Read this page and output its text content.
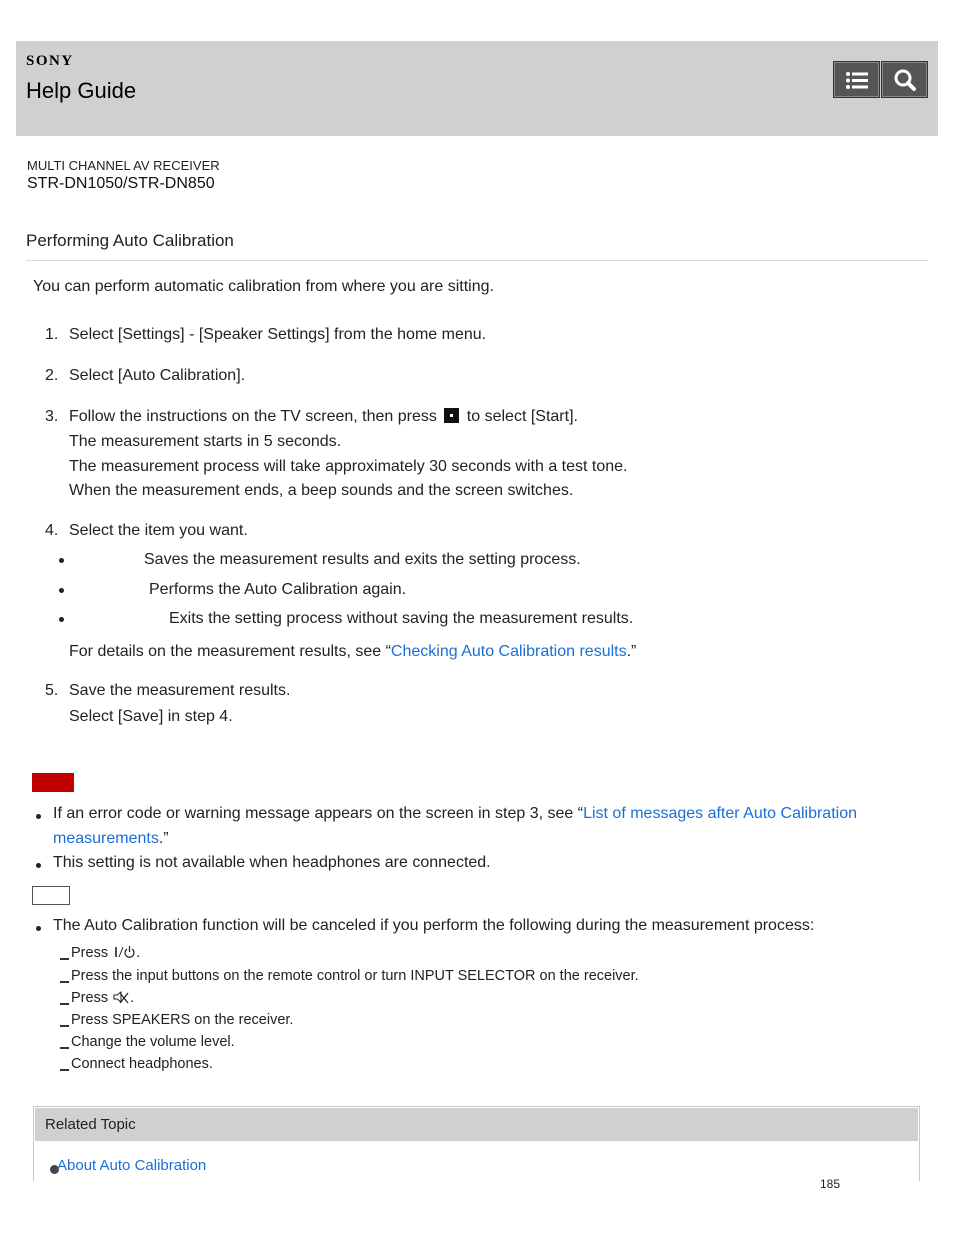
SONY
Help Guide
MULTI CHANNEL AV RECEIVER
STR-DN1050/STR-DN850
Performing Auto Calibration
You can perform automatic calibration from where you are sitting.
1. Select [Settings] - [Speaker Settings] from the home menu.
2. Select [Auto Calibration].
3. Follow the instructions on the TV screen, then press to select [Start].
The measurement starts in 5 seconds.
The measurement process will take approximately 30 seconds with a test tone.
When the measurement ends, a beep sounds and the screen switches.
4. Select the item you want.
Saves the measurement results and exits the setting process.
Performs the Auto Calibration again.
Exits the setting process without saving the measurement results.
For details on the measurement results, see “Checking Auto Calibration results.”
5. Save the measurement results.
Select [Save] in step 4.
If an error code or warning message appears on the screen in step 3, see “List of messages after Auto Calibration
measurements.”
This setting is not available when headphones are connected.
The Auto Calibration function will be canceled if you perform the following during the measurement process:
Press .
Press the input buttons on the remote control or turn INPUT SELECTOR on the receiver.
Press .
Press SPEAKERS on the receiver.
Change the volume level.
Connect headphones.
Related Topic
About Auto Calibration
185
